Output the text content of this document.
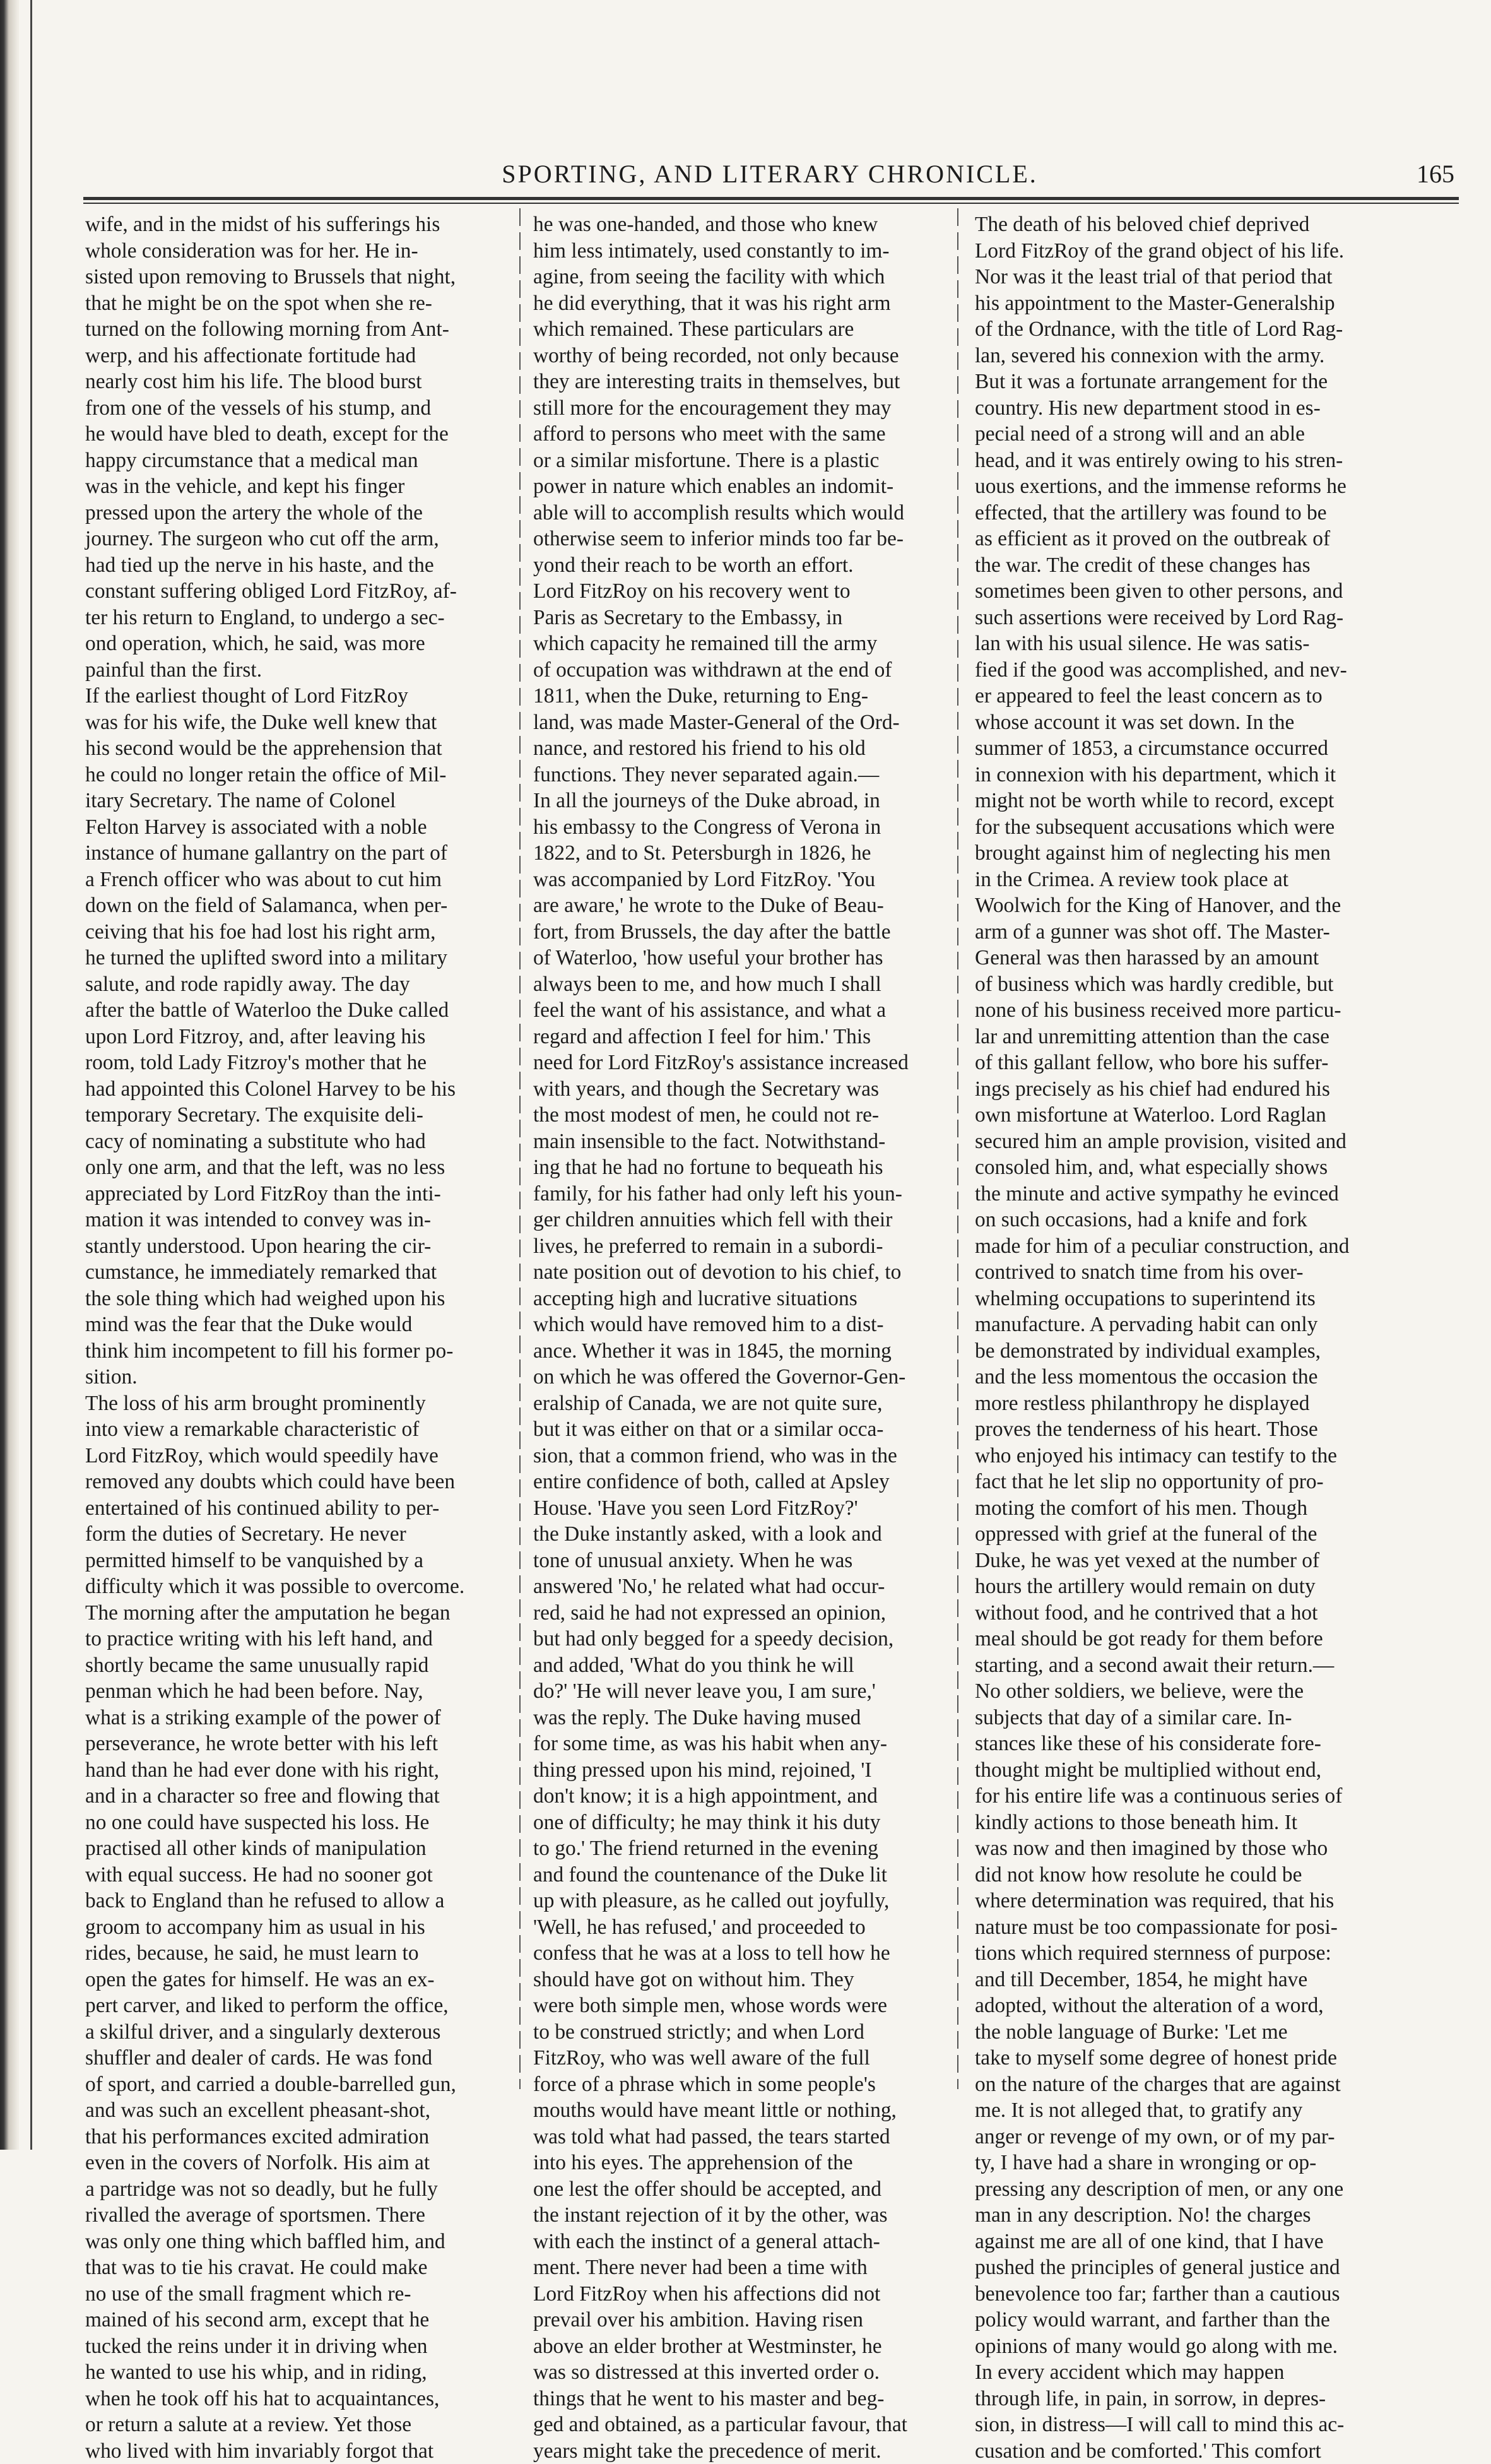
SPORTING, AND LITERARY CHRONICLE.	165
wife, and in the midst of his sufferings his
whole consideration was for her. He in-
sisted upon removing to Brussels that night,
that he might be on the spot when she re-
turned on the following morning from Ant-
werp, and his affectionate fortitude had
nearly cost him his life. The blood burst
from one of the vessels of his stump, and
he would have bled to death, except for the
happy circumstance that a medical man
was in the vehicle, and kept his finger
pressed upon the artery the whole of the
journey. The surgeon who cut off the arm,
had tied up the nerve in his haste, and the
constant suffering obliged Lord FitzRoy, af-
ter his return to England, to undergo a sec-
ond operation, which, he said, was more
painful than the first.
If the earliest thought of Lord FitzRoy
was for his wife, the Duke well knew that
his second would be the apprehension that
he could no longer retain the office of Mil-
itary Secretary. The name of Colonel
Felton Harvey is associated with a noble
instance of humane gallantry on the part of
a French officer who was about to cut him
down on the field of Salamanca, when per-
ceiving that his foe had lost his right arm,
he turned the uplifted sword into a military
salute, and rode rapidly away. The day
after the battle of Waterloo the Duke called
upon Lord Fitzroy, and, after leaving his
room, told Lady Fitzroy's mother that he
had appointed this Colonel Harvey to be his
temporary Secretary. The exquisite deli-
cacy of nominating a substitute who had
only one arm, and that the left, was no less
appreciated by Lord FitzRoy than the inti-
mation it was intended to convey was in-
stantly understood. Upon hearing the cir-
cumstance, he immediately remarked that
the sole thing which had weighed upon his
mind was the fear that the Duke would
think him incompetent to fill his former po-
sition.
The loss of his arm brought prominently
into view a remarkable characteristic of
Lord FitzRoy, which would speedily have
removed any doubts which could have been
entertained of his continued ability to per-
form the duties of Secretary. He never
permitted himself to be vanquished by a
difficulty which it was possible to overcome.
The morning after the amputation he began
to practice writing with his left hand, and
shortly became the same unusually rapid
penman which he had been before. Nay,
what is a striking example of the power of
perseverance, he wrote better with his left
hand than he had ever done with his right,
and in a character so free and flowing that
no one could have suspected his loss. He
practised all other kinds of manipulation
with equal success. He had no sooner got
back to England than he refused to allow a
groom to accompany him as usual in his
rides, because, he said, he must learn to
open the gates for himself. He was an ex-
pert carver, and liked to perform the office,
a skilful driver, and a singularly dexterous
shuffler and dealer of cards. He was fond
of sport, and carried a double-barrelled gun,
and was such an excellent pheasant-shot,
that his performances excited admiration
even in the covers of Norfolk. His aim at
a partridge was not so deadly, but he fully
rivalled the average of sportsmen. There
was only one thing which baffled him, and
that was to tie his cravat. He could make
no use of the small fragment which re-
mained of his second arm, except that he
tucked the reins under it in driving when
he wanted to use his whip, and in riding,
when he took off his hat to acquaintances,
or return a salute at a review. Yet those
who lived with him invariably forgot that
he was one-handed, and those who knew
him less intimately, used constantly to im-
agine, from seeing the facility with which
he did everything, that it was his right arm
which remained. These particulars are
worthy of being recorded, not only because
they are interesting traits in themselves, but
still more for the encouragement they may
afford to persons who meet with the same
or a similar misfortune. There is a plastic
power in nature which enables an indomit-
able will to accomplish results which would
otherwise seem to inferior minds too far be-
yond their reach to be worth an effort.
Lord FitzRoy on his recovery went to
Paris as Secretary to the Embassy, in
which capacity he remained till the army
of occupation was withdrawn at the end of
1811, when the Duke, returning to Eng-
land, was made Master-General of the Ord-
nance, and restored his friend to his old
functions. They never separated again.—
In all the journeys of the Duke abroad, in
his embassy to the Congress of Verona in
1822, and to St. Petersburgh in 1826, he
was accompanied by Lord FitzRoy. 'You
are aware,' he wrote to the Duke of Beau-
fort, from Brussels, the day after the battle
of Waterloo, 'how useful your brother has
always been to me, and how much I shall
feel the want of his assistance, and what a
regard and affection I feel for him.' This
need for Lord FitzRoy's assistance increased
with years, and though the Secretary was
the most modest of men, he could not re-
main insensible to the fact. Notwithstand-
ing that he had no fortune to bequeath his
family, for his father had only left his youn-
ger children annuities which fell with their
lives, he preferred to remain in a subordi-
nate position out of devotion to his chief, to
accepting high and lucrative situations
which would have removed him to a dist-
ance. Whether it was in 1845, the morning
on which he was offered the Governor-Gen-
eralship of Canada, we are not quite sure,
but it was either on that or a similar occa-
sion, that a common friend, who was in the
entire confidence of both, called at Apsley
House. 'Have you seen Lord FitzRoy?'
the Duke instantly asked, with a look and
tone of unusual anxiety. When he was
answered 'No,' he related what had occur-
red, said he had not expressed an opinion,
but had only begged for a speedy decision,
and added, 'What do you think he will
do?' 'He will never leave you, I am sure,'
was the reply. The Duke having mused
for some time, as was his habit when any-
thing pressed upon his mind, rejoined, 'I
don't know; it is a high appointment, and
one of difficulty; he may think it his duty
to go.' The friend returned in the evening
and found the countenance of the Duke lit
up with pleasure, as he called out joyfully,
'Well, he has refused,' and proceeded to
confess that he was at a loss to tell how he
should have got on without him. They
were both simple men, whose words were
to be construed strictly; and when Lord
FitzRoy, who was well aware of the full
force of a phrase which in some people's
mouths would have meant little or nothing,
was told what had passed, the tears started
into his eyes. The apprehension of the
one lest the offer should be accepted, and
the instant rejection of it by the other, was
with each the instinct of a general attach-
ment. There never had been a time with
Lord FitzRoy when his affections did not
prevail over his ambition. Having risen
above an elder brother at Westminster, he
was so distressed at this inverted order o.
things that he went to his master and beg-
ged and obtained, as a particular favour, that
years might take the precedence of merit.
The death of his beloved chief deprived
Lord FitzRoy of the grand object of his life.
Nor was it the least trial of that period that
his appointment to the Master-Generalship
of the Ordnance, with the title of Lord Rag-
lan, severed his connexion with the army.
But it was a fortunate arrangement for the
country. His new department stood in es-
pecial need of a strong will and an able
head, and it was entirely owing to his stren-
uous exertions, and the immense reforms he
effected, that the artillery was found to be
as efficient as it proved on the outbreak of
the war. The credit of these changes has
sometimes been given to other persons, and
such assertions were received by Lord Rag-
lan with his usual silence. He was satis-
fied if the good was accomplished, and nev-
er appeared to feel the least concern as to
whose account it was set down. In the
summer of 1853, a circumstance occurred
in connexion with his department, which it
might not be worth while to record, except
for the subsequent accusations which were
brought against him of neglecting his men
in the Crimea. A review took place at
Woolwich for the King of Hanover, and the
arm of a gunner was shot off. The Master-
General was then harassed by an amount
of business which was hardly credible, but
none of his business received more particu-
lar and unremitting attention than the case
of this gallant fellow, who bore his suffer-
ings precisely as his chief had endured his
own misfortune at Waterloo. Lord Raglan
secured him an ample provision, visited and
consoled him, and, what especially shows
the minute and active sympathy he evinced
on such occasions, had a knife and fork
made for him of a peculiar construction, and
contrived to snatch time from his over-
whelming occupations to superintend its
manufacture. A pervading habit can only
be demonstrated by individual examples,
and the less momentous the occasion the
more restless philanthropy he displayed
proves the tenderness of his heart. Those
who enjoyed his intimacy can testify to the
fact that he let slip no opportunity of pro-
moting the comfort of his men. Though
oppressed with grief at the funeral of the
Duke, he was yet vexed at the number of
hours the artillery would remain on duty
without food, and he contrived that a hot
meal should be got ready for them before
starting, and a second await their return.—
No other soldiers, we believe, were the
subjects that day of a similar care. In-
stances like these of his considerate fore-
thought might be multiplied without end,
for his entire life was a continuous series of
kindly actions to those beneath him. It
was now and then imagined by those who
did not know how resolute he could be
where determination was required, that his
nature must be too compassionate for posi-
tions which required sternness of purpose:
and till December, 1854, he might have
adopted, without the alteration of a word,
the noble language of Burke: 'Let me
take to myself some degree of honest pride
on the nature of the charges that are against
me. It is not alleged that, to gratify any
anger or revenge of my own, or of my par-
ty, I have had a share in wronging or op-
pressing any description of men, or any one
man in any description. No! the charges
against me are all of one kind, that I have
pushed the principles of general justice and
benevolence too far; farther than a cautious
policy would warrant, and farther than the
opinions of many would go along with me.
In every accident which may happen
through life, in pain, in sorrow, in depres-
sion, in distress—I will call to mind this ac-
cusation and be comforted.' This comfort
